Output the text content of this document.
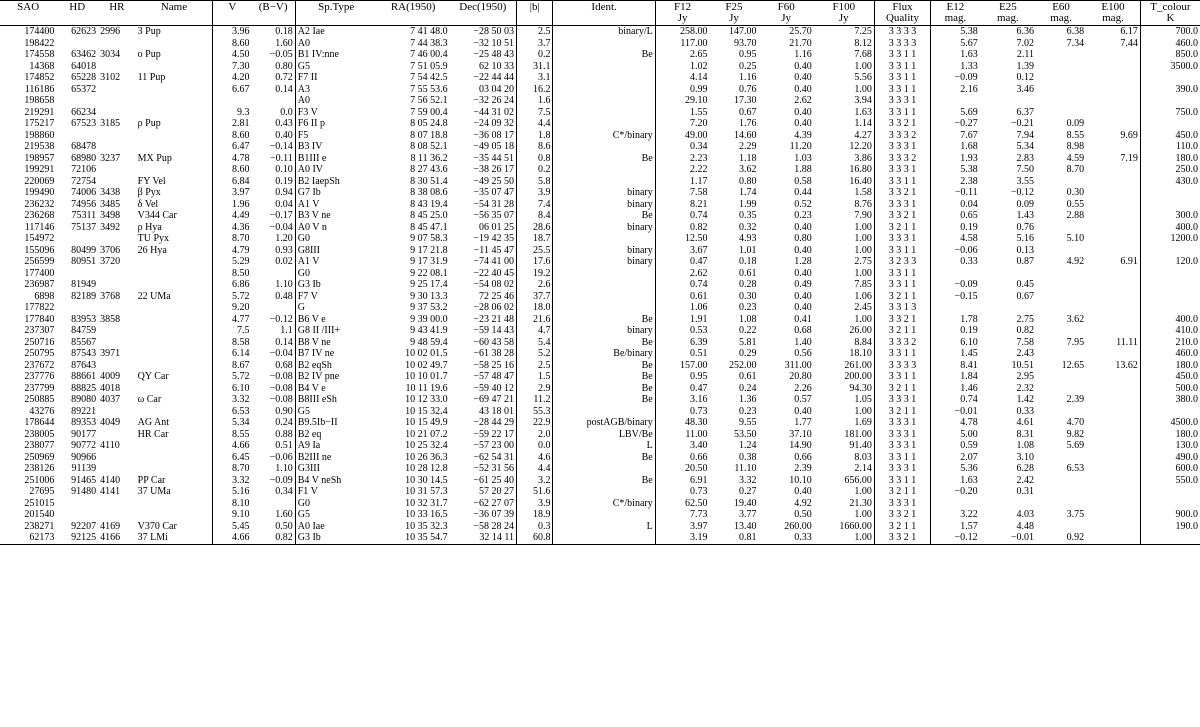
SAO	HD	HR	Name	V	(B−V)	Sp.Type	RA(1950)	Dec(1950)	|b|	Ident.	F12	F25	F60	F100	Flux	E12	E25	E60	E100	T_colour
											Jy	Jy	Jy	Jy	Quality	mag.	mag.	mag.	mag.	K
174400	62623	2996	3 Pup	3.96	0.18	A2 Iae	7 41 48.0	−28 50 03	2.5	binary/L	258.00	147.00	25.70	7.25	3 3 3 3	5.38	6.36	6.38	6.17	700.0
198422				8.60	1.60	A0	7 44 38.3	−32 10 51	3.7		117.00	93.70	21.70	8.12	3 3 3 3	5.67	7.02	7.34	7.44	460.0
174558	63462	3034	o Pup	4.50	−0.05	B1 IV:nne	7 46 00.4	−25 48 43	0.2	Be	2.65	0.95	1.16	7.68	3 3 1 1	1.63	2.11			850.0
14368	64018			7.30	0.80	G5	7 51 05.9	62 10 33	31.1		1.02	0.25	0.40	1.00	3 3 1 1	1.33	1.39			3500.0
174852	65228	3102	11 Pup	4.20	0.72	F7 II	7 54 42.5	−22 44 44	3.1		4.14	1.16	0.40	5.56	3 3 1 1	−0.09	0.12			
116186	65372			6.67	0.14	A3	7 55 53.6	03 04 20	16.2		0.99	0.76	0.40	1.00	3 3 1 1	2.16	3.46			390.0
198658						A0	7 56 52.1	−32 26 24	1.6		29.10	17.30	2.62	3.94	3 3 3 1					
219291	66234			9.3	0.0	F3 V	7 59 00.4	−44 31 02	7.5		1.55	0.67	0.40	1.63	3 3 1 1	5.69	6.37			750.0
175217	67523	3185	ρ Pup	2.81	0.43	F6 II p	8 05 24.8	−24 09 32	4.4		7.20	1.76	0.40	1.14	3 3 2 1	−0.27	−0.21	0.09		
198860				8.60	0.40	F5	8 07 18.8	−36 08 17	1.8	C*/binary	49.00	14.60	4.39	4.27	3 3 3 2	7.67	7.94	8.55	9.69	450.0
219538	68478			6.47	−0.14	B3 IV	8 08 52.1	−49 05 18	8.6		0.34	2.29	11.20	12.20	3 3 3 1	1.68	5.34	8.98		110.0
198957	68980	3237	MX Pup	4.78	−0.11	B1III e	8 11 36.2	−35 44 51	0.8	Be	2.23	1.18	1.03	3.86	3 3 3 2	1.93	2.83	4.59	7.19	180.0
199291	72106			8.60	0.10	A0 IV	8 27 43.6	−38 26 17	0.2		2.22	3.62	1.88	16.80	3 3 3 1	5.38	7.50	8.70		250.0
220069	72754		FY Vel	6.84	0.19	B2 IaepSh	8 30 51.4	−49 25 50	5.8		1.17	0.80	0.58	16.40	3 3 1 1	2.38	3.55			430.0
199490	74006	3438	β Pyx	3.97	0.94	G7 Ib	8 38 08.6	−35 07 47	3.9	binary	7.58	1.74	0.44	1.58	3 3 2 1	−0.11	−0.12	0.30		
236232	74956	3485	δ Vel	1.96	0.04	A1 V	8 43 19.4	−54 31 28	7.4	binary	8.21	1.99	0.52	8.76	3 3 3 1	0.04	0.09	0.55		
236268	75311	3498	V344 Car	4.49	−0.17	B3 V ne	8 45 25.0	−56 35 07	8.4	Be	0.74	0.35	0.23	7.90	3 3 2 1	0.65	1.43	2.88		300.0
117146	75137	3492	ρ Hya	4.36	−0.04	A0 V n	8 45 47.1	06 01 25	28.6	binary	0.82	0.32	0.40	1.00	3 2 1 1	0.19	0.76			400.0
154972			TU Pyx	8.70	1.20	G0	9 07 58.3	−19 42 35	18.7		12.50	4.93	0.80	1.00	3 3 3 1	4.58	5.16	5.10		1200.0
155096	80499	3706	26 Hya	4.79	0.93	G8III	9 17 21.8	−11 45 47	25.5	binary	3.67	1.01	0.40	1.00	3 3 1 1	−0.06	0.13			
256599	80951	3720		5.29	0.02	A1 V	9 17 31.9	−74 41 00	17.6	binary	0.47	0.18	1.28	2.75	3 2 3 3	0.33	0.87	4.92	6.91	120.0
177400				8.50		G0	9 22 08.1	−22 40 45	19.2		2.62	0.61	0.40	1.00	3 3 1 1					
236987	81949			6.86	1.10	G3 Ib	9 25 17.4	−54 08 02	2.6		0.74	0.28	0.49	7.85	3 3 1 1	−0.09	0.45			
6898	82189	3768	22 UMa	5.72	0.48	F7 V	9 30 13.3	72 25 46	37.7		0.61	0.30	0.40	1.06	3 2 1 1	−0.15	0.67			
177822				9.20		G	9 37 53.2	−28 06 02	18.0		1.06	0.23	0.40	2.45	3 3 1 3					
177840	83953	3858		4.77	−0.12	B6 V e	9 39 00.0	−23 21 48	21.6	Be	1.91	1.08	0.41	1.00	3 3 2 1	1.78	2.75	3.62		400.0
237307	84759			7.5	1.1	G8 II /III+	9 43 41.9	−59 14 43	4.7	binary	0.53	0.22	0.68	26.00	3 2 1 1	0.19	0.82			410.0
250716	85567			8.58	0.14	B8 V ne	9 48 59.4	−60 43 58	5.4	Be	6.39	5.81	1.40	8.84	3 3 3 2	6.10	7.58	7.95	11.11	210.0
250795	87543	3971		6.14	−0.04	B7 IV ne	10 02 01.5	−61 38 28	5.2	Be/binary	0.51	0.29	0.56	18.10	3 3 1 1	1.45	2.43			460.0
237672	87643			8.67	0.68	B2 eqSh	10 02 49.7	−58 25 16	2.5	Be	157.00	252.00	311.00	261.00	3 3 3 3	8.41	10.51	12.65	13.62	180.0
237776	88661	4009	QY Car	5.72	−0.08	B2 IV pne	10 10 01.7	−57 48 47	1.5	Be	0.95	0.61	20.80	200.00	3 3 1 1	1.84	2.95			450.0
237799	88825	4018		6.10	−0.08	B4 V e	10 11 19.6	−59 40 12	2.9	Be	0.47	0.24	2.26	94.30	3 2 1 1	1.46	2.32			500.0
250885	89080	4037	ω Car	3.32	−0.08	B8III eSh	10 12 33.0	−69 47 21	11.2	Be	3.16	1.36	0.57	1.05	3 3 3 1	0.74	1.42	2.39		380.0
43276	89221			6.53	0.90	G5	10 15 32.4	43 18 01	55.3		0.73	0.23	0.40	1.00	3 2 1 1	−0.01	0.33			
178644	89353	4049	AG Ant	5.34	0.24	B9.5Ib−II	10 15 49.9	−28 44 29	22.9	postAGB/binary	48.30	9.55	1.77	1.69	3 3 3 1	4.78	4.61	4.70		4500.0
238005	90177		HR Car	8.55	0.88	B2 eq	10 21 07.2	−59 22 17	2.0	LBV/Be	11.00	53.50	37.10	181.00	3 3 3 1	5.00	8.31	9.82		180.0
238077	90772	4110		4.66	0.51	A9 Ia	10 25 32.4	−57 23 00	0.0	L	3.40	1.24	14.90	91.40	3 3 3 1	0.59	1.08	5.69		130.0
250969	90966			6.45	−0.06	B2III ne	10 26 36.3	−62 54 31	4.6	Be	0.66	0.38	0.66	8.03	3 3 1 1	2.07	3.10			490.0
238126	91139			8.70	1.10	G3III	10 28 12.8	−52 31 56	4.4		20.50	11.10	2.39	2.14	3 3 3 1	5.36	6.28	6.53		600.0
251006	91465	4140	PP Car	3.32	−0.09	B4 V neSh	10 30 14.5	−61 25 40	3.2	Be	6.91	3.32	10.10	656.00	3 3 1 1	1.63	2.42			550.0
27695	91480	4141	37 UMa	5.16	0.34	F1 V	10 31 57.3	57 20 27	51.6		0.73	0.27	0.40	1.00	3 2 1 1	−0.20	0.31			
251015				8.10		G0	10 32 31.7	−62 27 07	3.9	C*/binary	62.50	19.40	4.92	21.30	3 3 3 1					
201540				9.10	1.60	G5	10 33 16.5	−36 07 39	18.9		7.73	3.77	0.50	1.00	3 3 2 1	3.22	4.03	3.75		900.0
238271	92207	4169	V370 Car	5.45	0.50	A0 Iae	10 35 32.3	−58 28 24	0.3	L	3.97	13.40	260.00	1660.00	3 2 1 1	1.57	4.48			190.0
62173	92125	4166	37 LMi	4.66	0.82	G3 Ib	10 35 54.7	32 14 11	60.8		3.19	0.81	0.33	1.00	3 3 2 1	−0.12	−0.01	0.92		
